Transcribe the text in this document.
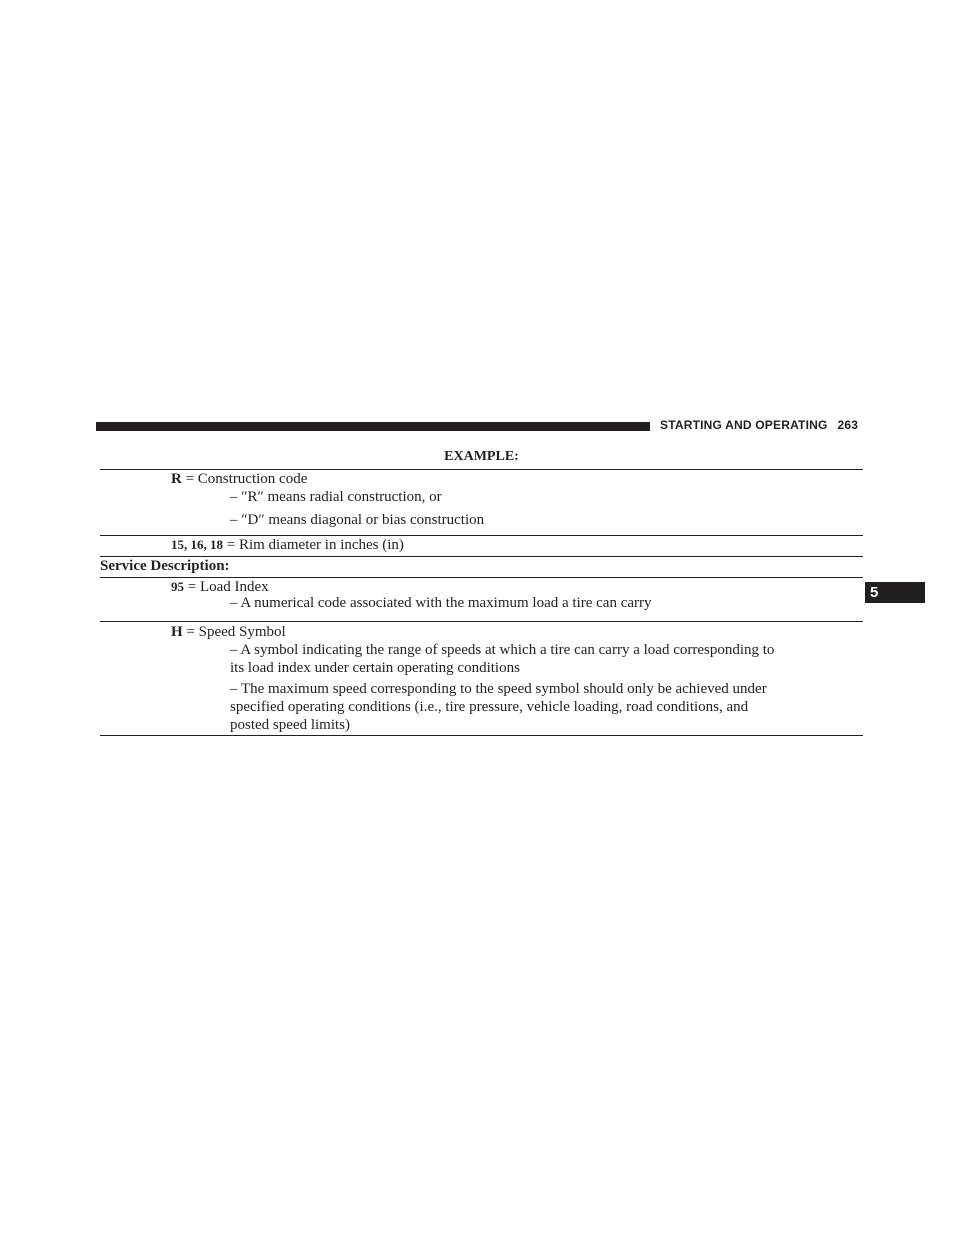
STARTING AND OPERATING 263
5
EXAMPLE:
R = Construction code
– ″R″ means radial construction, or
– ″D″ means diagonal or bias construction
15, 16, 18 = Rim diameter in inches (in)
Service Description:
95 = Load Index
– A numerical code associated with the maximum load a tire can carry
H = Speed Symbol
– A symbol indicating the range of speeds at which a tire can carry a load corresponding to
its load index under certain operating conditions
– The maximum speed corresponding to the speed symbol should only be achieved under
specified operating conditions (i.e., tire pressure, vehicle loading, road conditions, and
posted speed limits)
